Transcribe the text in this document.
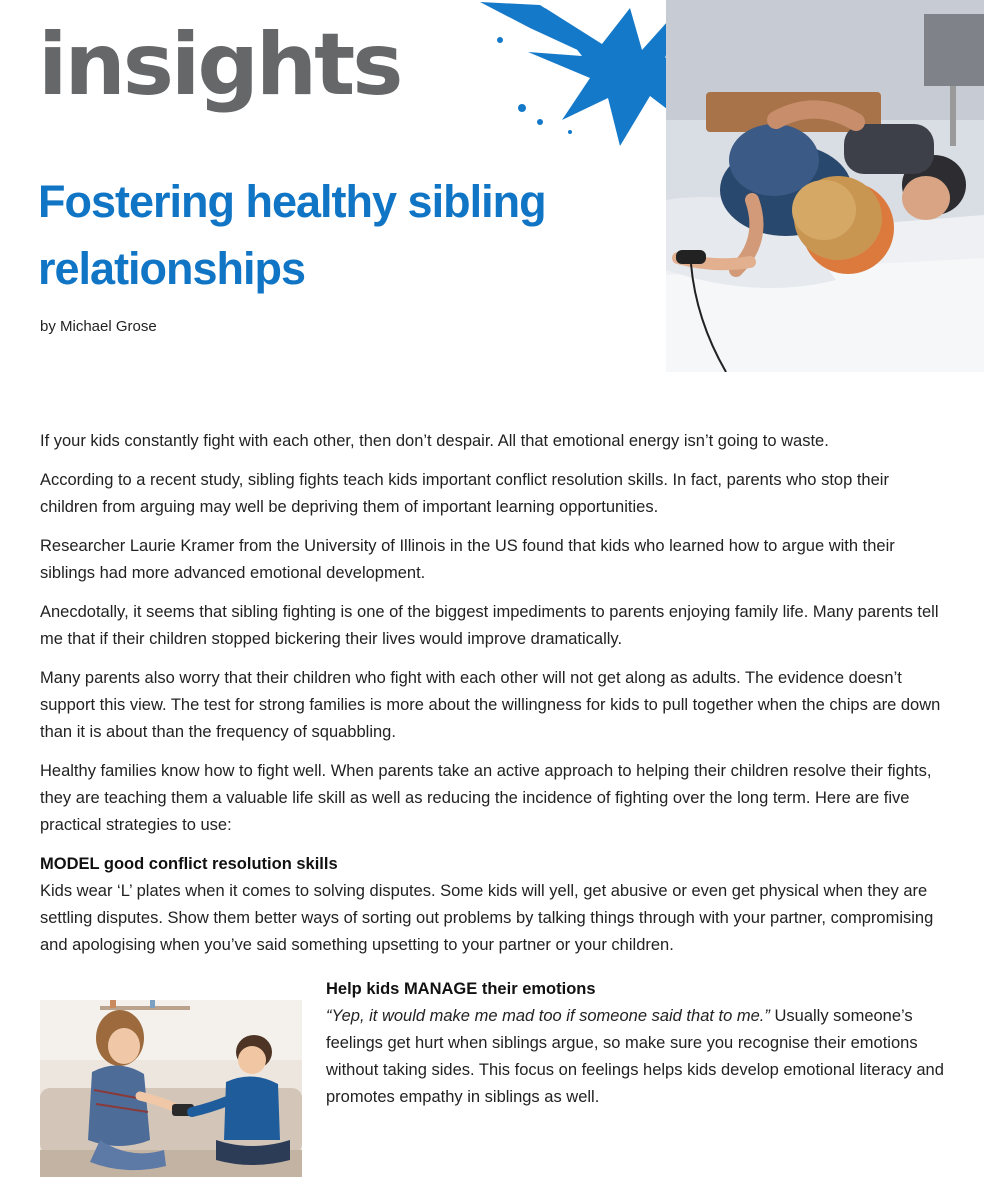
insights
Fostering healthy sibling relationships

by Michael Grose

If your kids constantly fight with each other, then don’t despair. All that emotional energy isn’t going to waste.

According to a recent study, sibling fights teach kids important conflict resolution skills. In fact, parents who stop their children from arguing may well be depriving them of important learning opportunities.

Researcher Laurie Kramer from the University of Illinois in the US found that kids who learned how to argue with their siblings had more advanced emotional development.

Anecdotally, it seems that sibling fighting is one of the biggest impediments to parents enjoying family life. Many parents tell me that if their children stopped bickering their lives would improve dramatically.

Many parents also worry that their children who fight with each other will not get along as adults. The evidence doesn’t support this view. The test for strong families is more about the willingness for kids to pull together when the chips are down than it is about than the frequency of squabbling.

Healthy families know how to fight well. When parents take an active approach to helping their children resolve their fights, they are teaching them a valuable life skill as well as reducing the incidence of fighting over the long term. Here are five practical strategies to use:

MODEL good conflict resolution skills

Kids wear ‘L’ plates when it comes to solving disputes. Some kids will yell, get abusive or even get physical when they are settling disputes. Show them better ways of sorting out problems by talking things through with your partner, compromising and apologising when you’ve said something upsetting to your partner or your children.

Help kids MANAGE their emotions

“Yep, it would make me mad too if someone said that to me.” Usually someone’s feelings get hurt when siblings argue, so make sure you recognise their emotions without taking sides. This focus on feelings helps kids develop emotional literacy and promotes empathy in siblings as well.
